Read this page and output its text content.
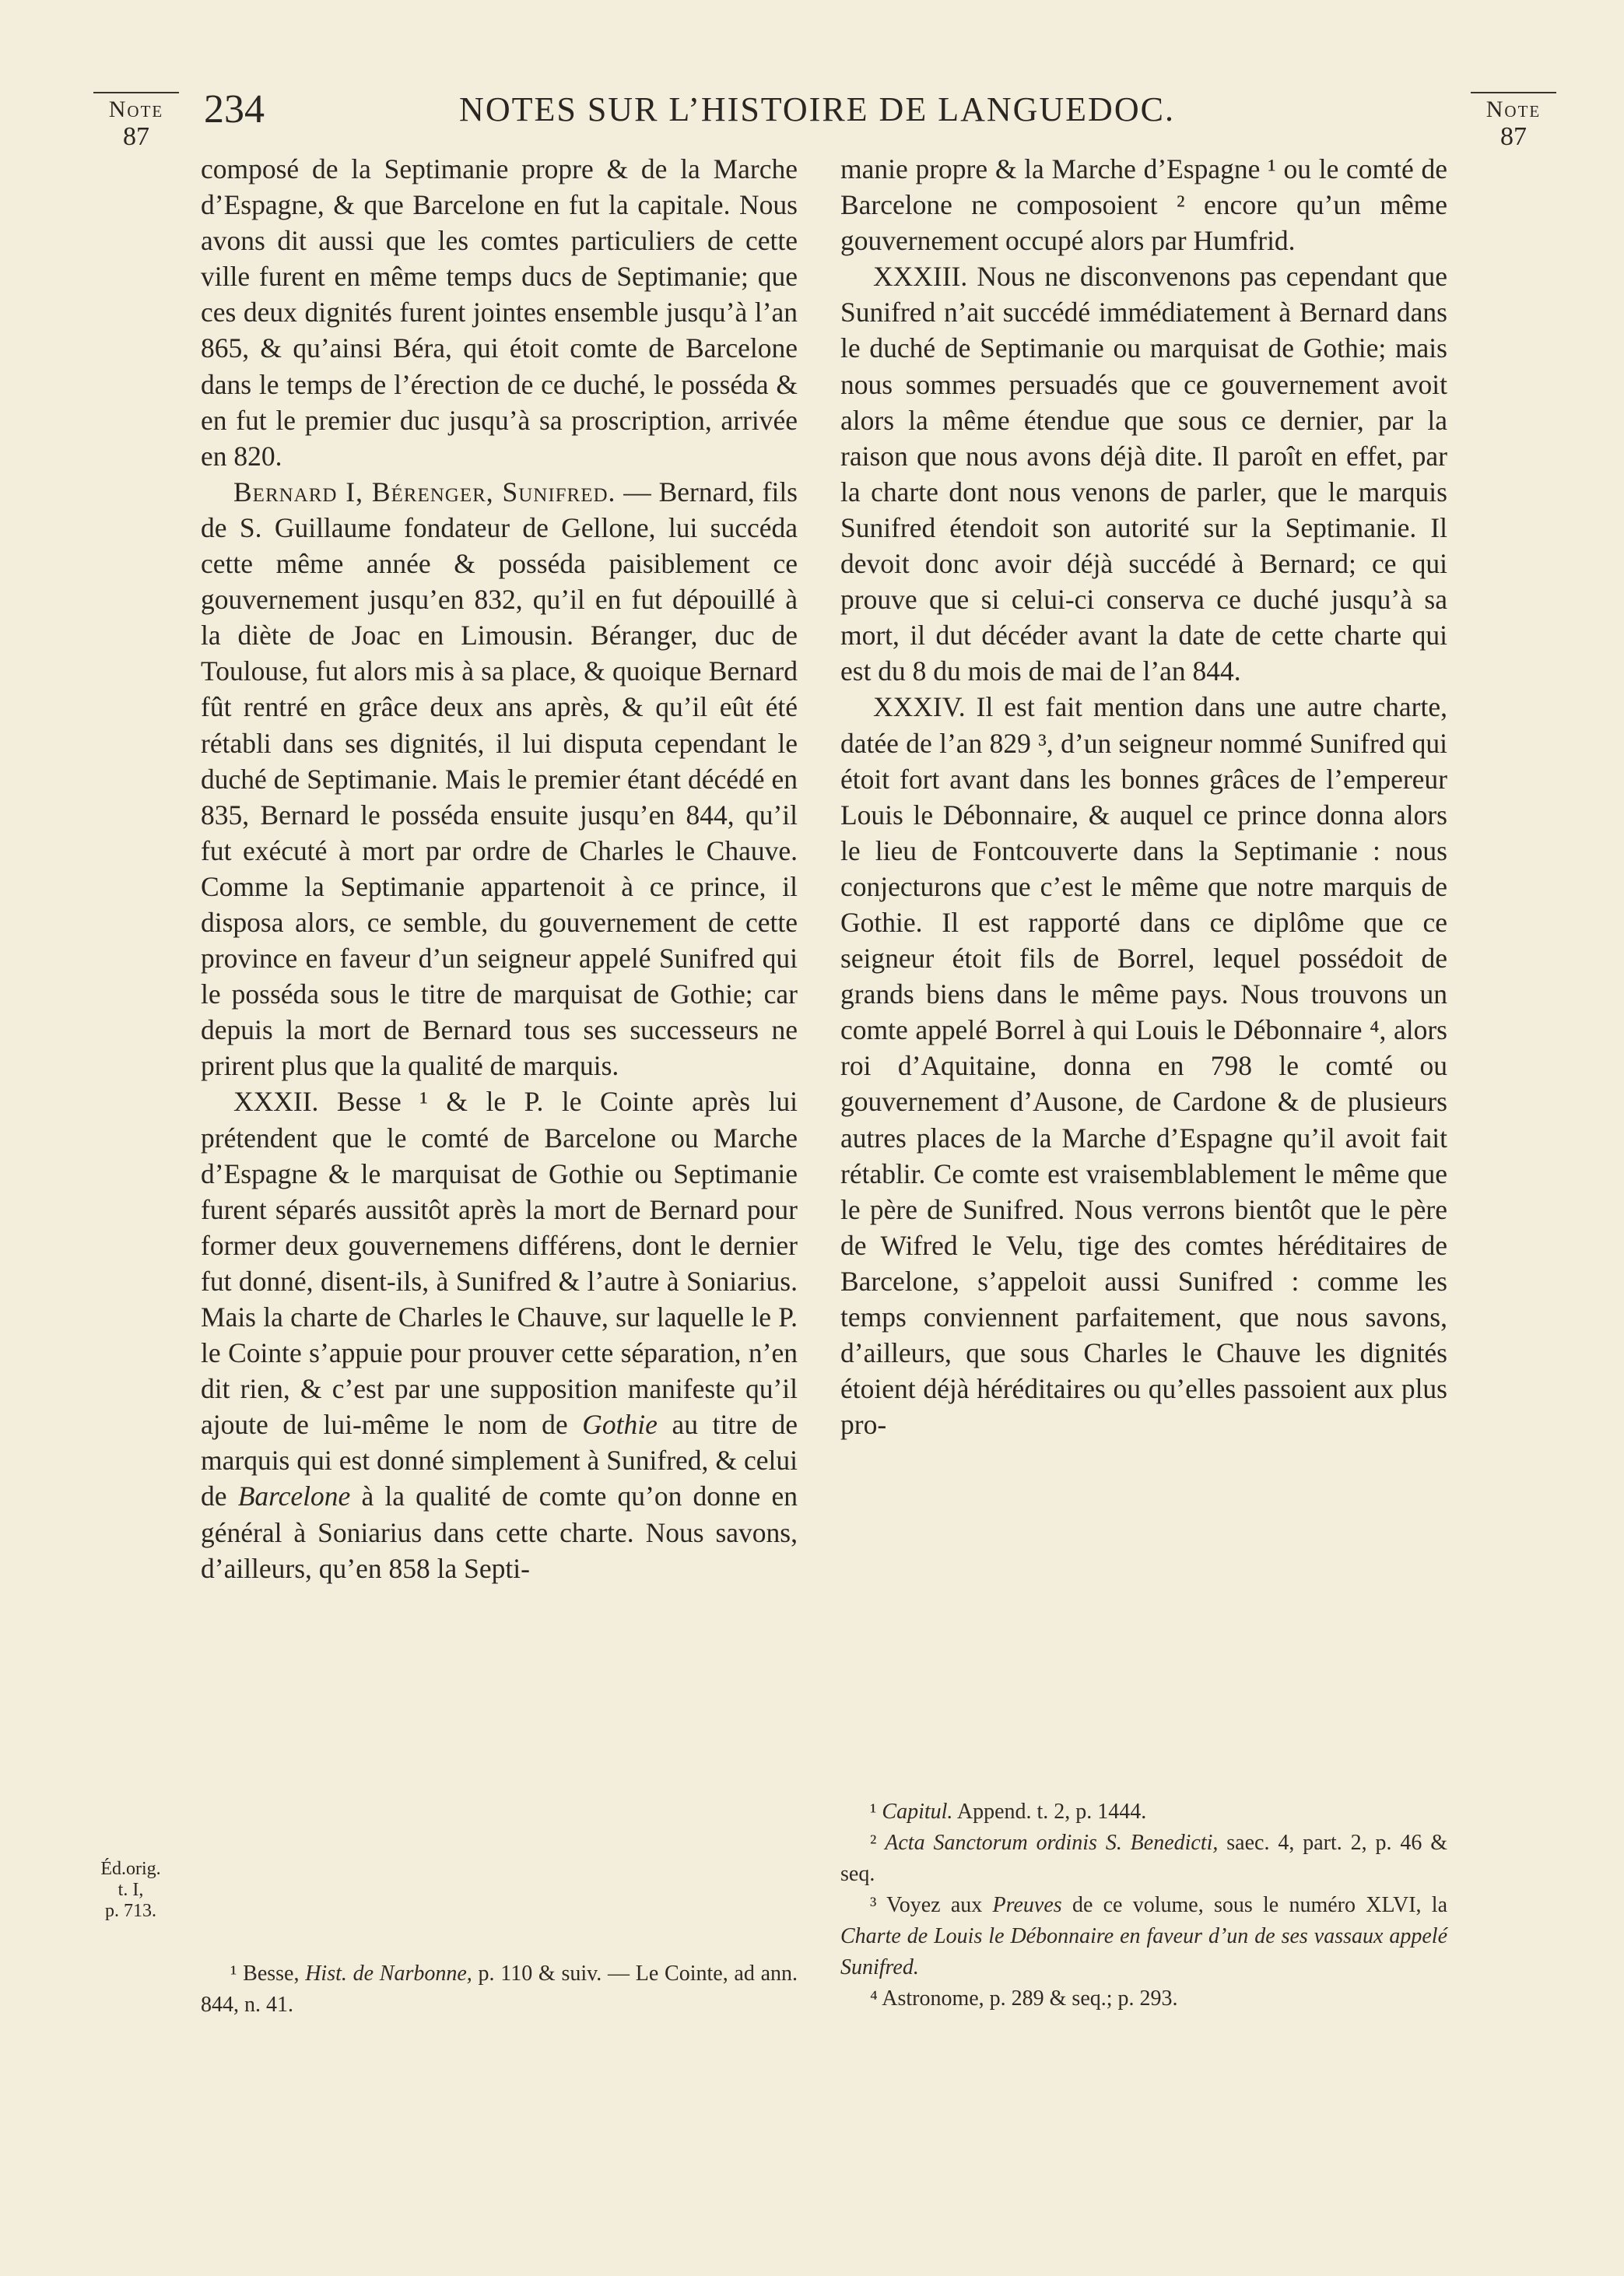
Note
87
Note
87
Éd.orig.
t. I,
p. 713.
234	NOTES SUR L’HISTOIRE DE LANGUEDOC.

composé de la Septimanie propre & de la Marche d’Espagne, & que Barcelone en fut la capitale. Nous avons dit aussi que les comtes particuliers de cette ville furent en même temps ducs de Septimanie; que ces deux dignités furent jointes ensemble jusqu’à l’an 865, & qu’ainsi Béra, qui étoit comte de Barcelone dans le temps de l’érection de ce duché, le posséda & en fut le premier duc jusqu’à sa proscription, arrivée en 820.

Bernard I, Bérenger, Sunifred. — Bernard, fils de S. Guillaume fondateur de Gellone, lui succéda cette même année & posséda paisiblement ce gouvernement jusqu’en 832, qu’il en fut dépouillé à la diète de Joac en Limousin. Béranger, duc de Toulouse, fut alors mis à sa place, & quoique Bernard fût rentré en grâce deux ans après, & qu’il eût été rétabli dans ses dignités, il lui disputa cependant le duché de Septimanie. Mais le premier étant décédé en 835, Bernard le posséda ensuite jusqu’en 844, qu’il fut exécuté à mort par ordre de Charles le Chauve. Comme la Septimanie appartenoit à ce prince, il disposa alors, ce semble, du gouvernement de cette province en faveur d’un seigneur appelé Sunifred qui le posséda sous le titre de marquisat de Gothie; car depuis la mort de Bernard tous ses successeurs ne prirent plus que la qualité de marquis.

XXXII. Besse ¹ & le P. le Cointe après lui prétendent que le comté de Barcelone ou Marche d’Espagne & le marquisat de Gothie ou Septimanie furent séparés aussitôt après la mort de Bernard pour former deux gouvernemens différens, dont le dernier fut donné, disent-ils, à Sunifred & l’autre à Soniarius. Mais la charte de Charles le Chauve, sur laquelle le P. le Cointe s’appuie pour prouver cette séparation, n’en dit rien, & c’est par une supposition manifeste qu’il ajoute de lui-même le nom de Gothie au titre de marquis qui est donné simplement à Sunifred, & celui de Barcelone à la qualité de comte qu’on donne en général à Soniarius dans cette charte. Nous savons, d’ailleurs, qu’en 858 la Septi-

manie propre & la Marche d’Espagne ¹ ou le comté de Barcelone ne composoient ² encore qu’un même gouvernement occupé alors par Humfrid.

XXXIII. Nous ne disconvenons pas cependant que Sunifred n’ait succédé immédiatement à Bernard dans le duché de Septimanie ou marquisat de Gothie; mais nous sommes persuadés que ce gouvernement avoit alors la même étendue que sous ce dernier, par la raison que nous avons déjà dite. Il paroît en effet, par la charte dont nous venons de parler, que le marquis Sunifred étendoit son autorité sur la Septimanie. Il devoit donc avoir déjà succédé à Bernard; ce qui prouve que si celui-ci conserva ce duché jusqu’à sa mort, il dut décéder avant la date de cette charte qui est du 8 du mois de mai de l’an 844.

XXXIV. Il est fait mention dans une autre charte, datée de l’an 829 ³, d’un seigneur nommé Sunifred qui étoit fort avant dans les bonnes grâces de l’empereur Louis le Débonnaire, & auquel ce prince donna alors le lieu de Fontcouverte dans la Septimanie : nous conjecturons que c’est le même que notre marquis de Gothie. Il est rapporté dans ce diplôme que ce seigneur étoit fils de Borrel, lequel possédoit de grands biens dans le même pays. Nous trouvons un comte appelé Borrel à qui Louis le Débonnaire ⁴, alors roi d’Aquitaine, donna en 798 le comté ou gouvernement d’Ausone, de Cardone & de plusieurs autres places de la Marche d’Espagne qu’il avoit fait rétablir. Ce comte est vraisemblablement le même que le père de Sunifred. Nous verrons bientôt que le père de Wifred le Velu, tige des comtes héréditaires de Barcelone, s’appeloit aussi Sunifred : comme les temps conviennent parfaitement, que nous savons, d’ailleurs, que sous Charles le Chauve les dignités étoient déjà héréditaires ou qu’elles passoient aux plus pro-

¹ Besse, Hist. de Narbonne, p. 110 & suiv. — Le Cointe, ad ann. 844, n. 41.

¹ Capitul. Append. t. 2, p. 1444.

² Acta Sanctorum ordinis S. Benedicti, saec. 4, part. 2, p. 46 & seq.

³ Voyez aux Preuves de ce volume, sous le numéro XLVI, la Charte de Louis le Débonnaire en faveur d’un de ses vassaux appelé Sunifred.

⁴ Astronome, p. 289 & seq.; p. 293.
